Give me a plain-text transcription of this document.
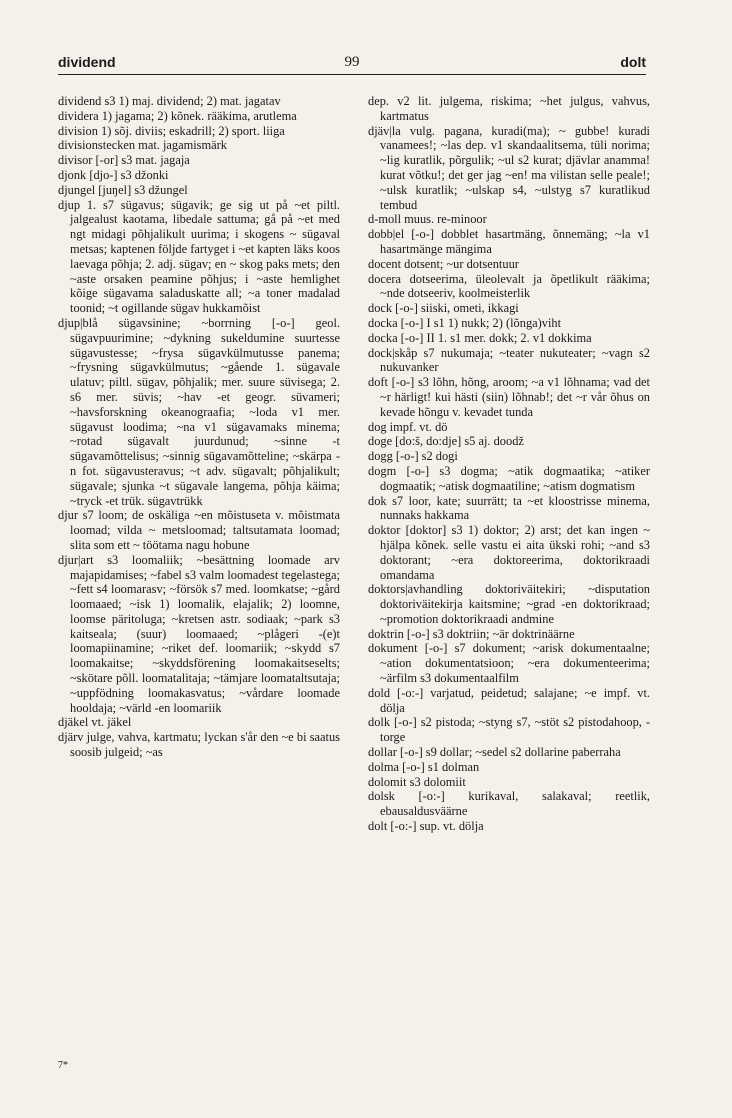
dividend	99	dolt

dividend s3 1) maj. dividend; 2) mat. jagatav

dividera 1) jagama; 2) kõnek. rääkima, arutlema

division 1) sõj. diviis; eskadrill; 2) sport. liiga

divisionstecken mat. jagamismärk

divisor [-or] s3 mat. jagaja

djonk [djo-] s3 džonki

djungel [juŋel] s3 džungel

djup 1. s7 sügavus; sügavik; ge sig ut på ~et piltl. jalgealust kaotama, libedale sattuma; gå på ~et med ngt midagi põhjalikult uurima; i skogens ~ sügaval metsas; kaptenen följde fartyget i ~et kapten läks koos laevaga põhja; 2. adj. sügav; en ~ skog paks mets; den ~aste orsaken peamine põhjus; i ~aste hemlighet kõige sügavama saladuskatte all; ~a toner madalad toonid; ~t ogillande sügav hukkamõist

djup|blå sügavsinine; ~borrning [-o-] geol. sügavpuurimine; ~dykning sukeldumine suurtesse sügavustesse; ~frysa sügavkülmutusse panema; ~frysning sügavkülmutus; ~gående 1. sügavale ulatuv; piltl. sügav, põhjalik; mer. suure süvisega; 2. s6 mer. süvis; ~hav -et geogr. süvameri; ~havsforskning okeanograafia; ~loda v1 mer. sügavust loodima; ~na v1 sügavamaks minema; ~rotad sügavalt juurdunud; ~sinne -t sügavamõttelisus; ~sinnig sügavamõtteline; ~skärpa -n fot. sügavusteravus; ~t adv. sügavalt; põhjalikult; sügavale; sjunka ~t sügavale langema, põhja käima; ~tryck -et trük. sügavtrükk

djur s7 loom; de oskäliga ~en mõistuseta v. mõistmata loomad; vilda ~ metsloomad; taltsutamata loomad; slita som ett ~ töötama nagu hobune

djur|art s3 loomaliik; ~besättning loomade arv majapidamises; ~fabel s3 valm loomadest tegelastega; ~fett s4 loomarasv; ~försök s7 med. loomkatse; ~gård loomaaed; ~isk 1) loomalik, elajalik; 2) loomne, loomse päritoluga; ~kretsen astr. sodiaak; ~park s3 kaitseala; (suur) loomaaed; ~plågeri -(e)t loomapiinamine; ~riket def. loomariik; ~skydd s7 loomakaitse; ~skyddsförening loomakaitseselts; ~skötare põll. loomatalitaja; ~tämjare loomataltsutaja; ~uppfödning loomakasvatus; ~vårdare loomade hooldaja; ~värld -en loomariik

djäkel vt. jäkel

djärv julge, vahva, kartmatu; lyckan s'år den ~e bi saatus soosib julgeid; ~as

dep. v2 lit. julgema, riskima; ~het julgus, vahvus, kartmatus

djäv|la vulg. pagana, kuradi(ma); ~ gubbe! kuradi vanamees!; ~las dep. v1 skandaalitsema, tüli norima; ~lig kuratlik, põrgulik; ~ul s2 kurat; djävlar anamma! kurat võtku!; det ger jag ~en! ma vilistan selle peale!; ~ulsk kuratlik; ~ulskap s4, ~ulstyg s7 kuratlikud tembud

d-moll muus. re-minoor

dobb|el [-o-] dobblet hasartmäng, õnnemäng; ~la v1 hasartmänge mängima

docent dotsent; ~ur dotsentuur

docera dotseerima, üleolevalt ja õpetlikult rääkima; ~nde dotseeriv, koolmeisterlik

dock [-o-] siiski, ometi, ikkagi

docka [-o-] I s1 1) nukk; 2) (lõnga)viht

docka [-o-] II 1. s1 mer. dokk; 2. v1 dokkima

dock|skåp s7 nukumaja; ~teater nukuteater; ~vagn s2 nukuvanker

doft [-o-] s3 lõhn, hõng, aroom; ~a v1 lõhnama; vad det ~r härligt! kui hästi (siin) lõhnab!; det ~r vår õhus on kevade hõngu v. kevadet tunda

dog impf. vt. dö

doge [do:š, do:dje] s5 aj. doodž

dogg [-o-] s2 dogi

dogm [-o-] s3 dogma; ~atik dogmaatika; ~atiker dogmaatik; ~atisk dogmaatiline; ~atism dogmatism

dok s7 loor, kate; suurrätt; ta ~et kloostrisse minema, nunnaks hakkama

doktor [doktor] s3 1) doktor; 2) arst; det kan ingen ~ hjälpa kõnek. selle vastu ei aita ükski rohi; ~and s3 doktorant; ~era doktoreerima, doktorikraadi omandama

doktors|avhandling doktoriväitekiri; ~disputation doktoriväitekirja kaitsmine; ~grad -en doktorikraad; ~promotion doktorikraadi andmine

doktrin [-o-] s3 doktriin; ~är doktrinäärne

dokument [-o-] s7 dokument; ~arisk dokumentaalne; ~ation dokumentatsioon; ~era dokumenteerima; ~ärfilm s3 dokumentaalfilm

dold [-o:-] varjatud, peidetud; salajane; ~e impf. vt. dölja

dolk [-o-] s2 pistoda; ~styng s7, ~stöt s2 pistodahoop, -torge

dollar [-o-] s9 dollar; ~sedel s2 dollarine paberraha

dolma [-o-] s1 dolman

dolomit s3 dolomiit

dolsk [-o:-] kurikaval, salakaval; reetlik, ebausaldusväärne

dolt [-o:-] sup. vt. dölja

7*
